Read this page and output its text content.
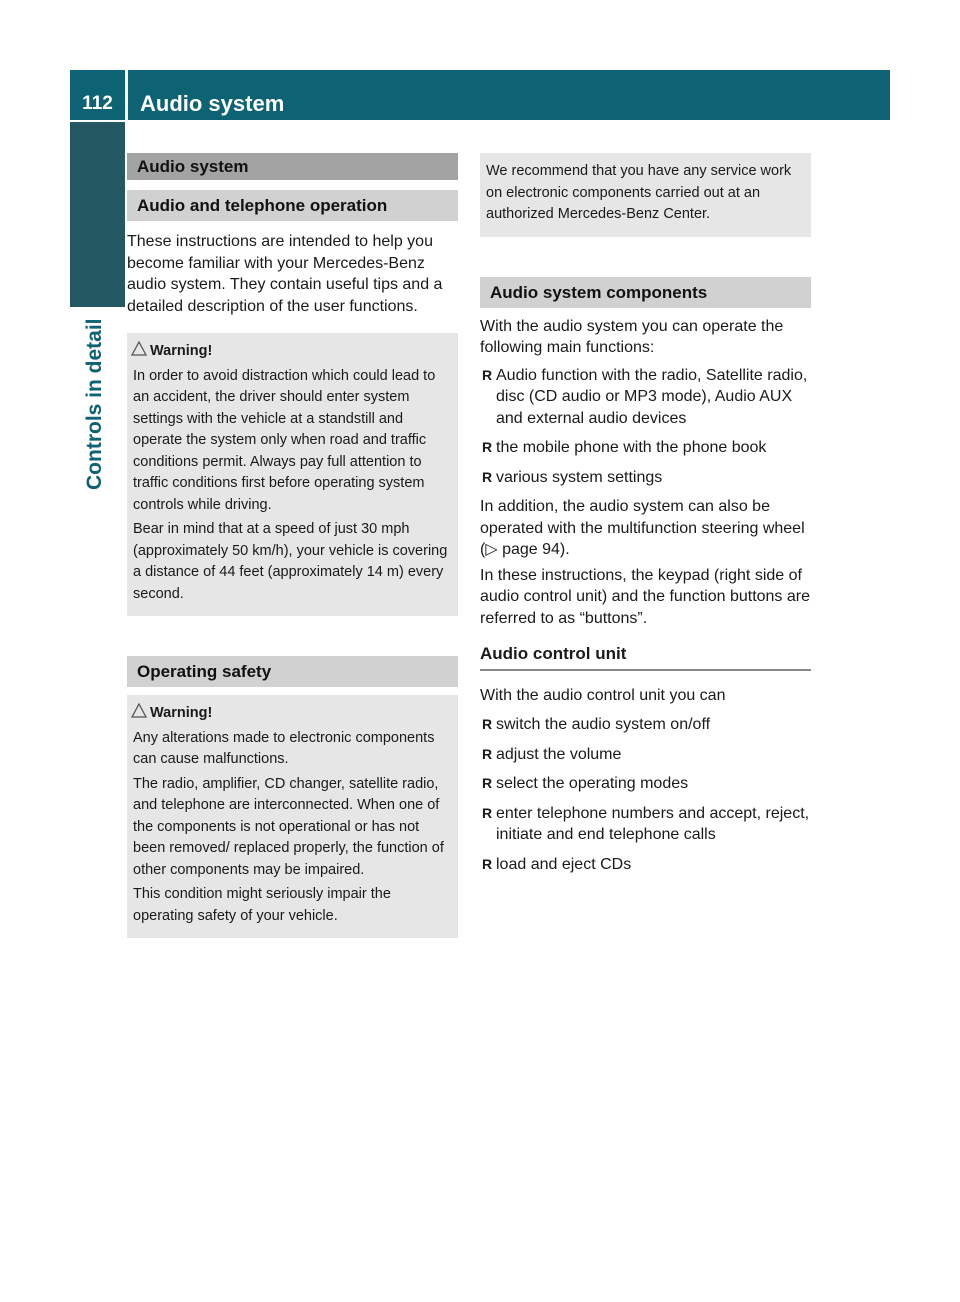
112	Audio system
Controls in detail
Audio system
Audio and telephone operation

These instructions are intended to help you become familiar with your Mercedes-Benz audio system. They contain useful tips and a detailed description of the user functions.

Warning!

In order to avoid distraction which could lead to an accident, the driver should enter system settings with the vehicle at a standstill and operate the system only when road and traffic conditions permit. Always pay full attention to traffic conditions first before operating system controls while driving.

Bear in mind that at a speed of just 30 mph (approximately 50 km/h), your vehicle is covering a distance of 44 feet (approximately 14 m) every second.

Operating safety
Warning!

Any alterations made to electronic components can cause malfunctions.

The radio, amplifier, CD changer, satellite radio, and telephone are interconnected. When one of the components is not operational or has not been removed/ replaced properly, the function of other components may be impaired.

This condition might seriously impair the operating safety of your vehicle.

We recommend that you have any service work on electronic components carried out at an authorized Mercedes-Benz Center.

Audio system components

With the audio system you can operate the following main functions:

R Audio function with the radio, Satellite radio, disc (CD audio or MP3 mode), Audio AUX and external audio devices
R the mobile phone with the phone book
R various system settings

In addition, the audio system can also be operated with the multifunction steering wheel (▷ page 94).

In these instructions, the keypad (right side of audio control unit) and the function buttons are referred to as “buttons”.

Audio control unit

With the audio control unit you can

R switch the audio system on/off
R adjust the volume
R select the operating modes
R enter telephone numbers and accept, reject, initiate and end telephone calls
R load and eject CDs
